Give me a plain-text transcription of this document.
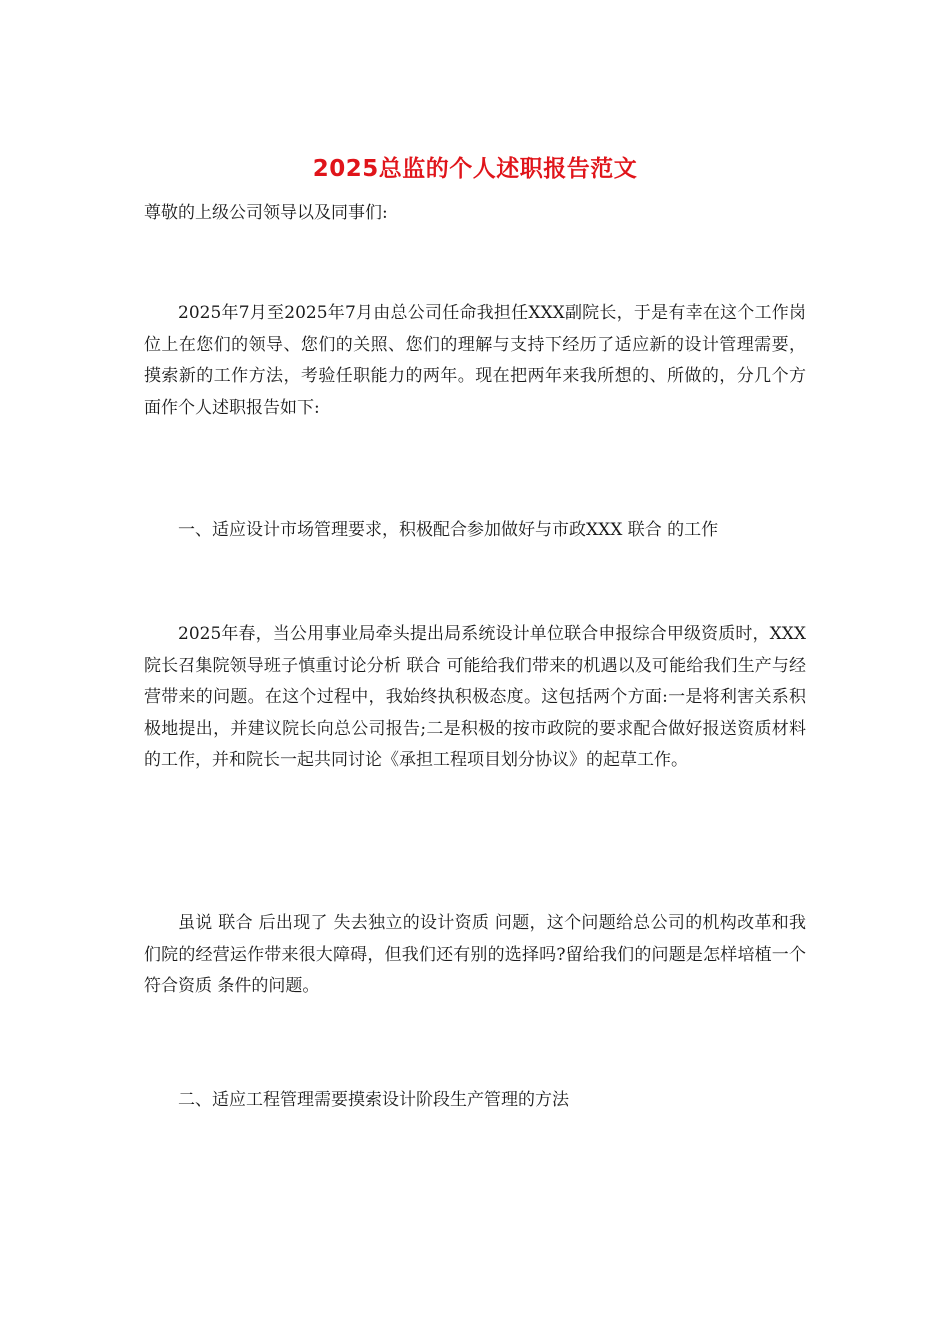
2025总监的个人述职报告范文
尊敬的上级公司领导以及同事们:
2025年7月至2025年7月由总公司任命我担任XXX副院长，于是有幸在这个工作岗位上在您们的领导、您们的关照、您们的理解与支持下经历了适应新的设计管理需要，摸索新的工作方法，考验任职能力的两年。现在把两年来我所想的、所做的，分几个方面作个人述职报告如下:
一、适应设计市场管理要求，积极配合参加做好与市政XXX 联合 的工作
2025年春，当公用事业局牵头提出局系统设计单位联合申报综合甲级资质时，XXX院长召集院领导班子慎重讨论分析 联合 可能给我们带来的机遇以及可能给我们生产与经营带来的问题。在这个过程中，我始终执积极态度。这包括两个方面:一是将利害关系积极地提出，并建议院长向总公司报告;二是积极的按市政院的要求配合做好报送资质材料的工作，并和院长一起共同讨论《承担工程项目划分协议》的起草工作。
虽说 联合 后出现了 失去独立的设计资质 问题，这个问题给总公司的机构改革和我们院的经营运作带来很大障碍，但我们还有别的选择吗?留给我们的问题是怎样培植一个 符合资质 条件的问题。
二、适应工程管理需要摸索设计阶段生产管理的方法
